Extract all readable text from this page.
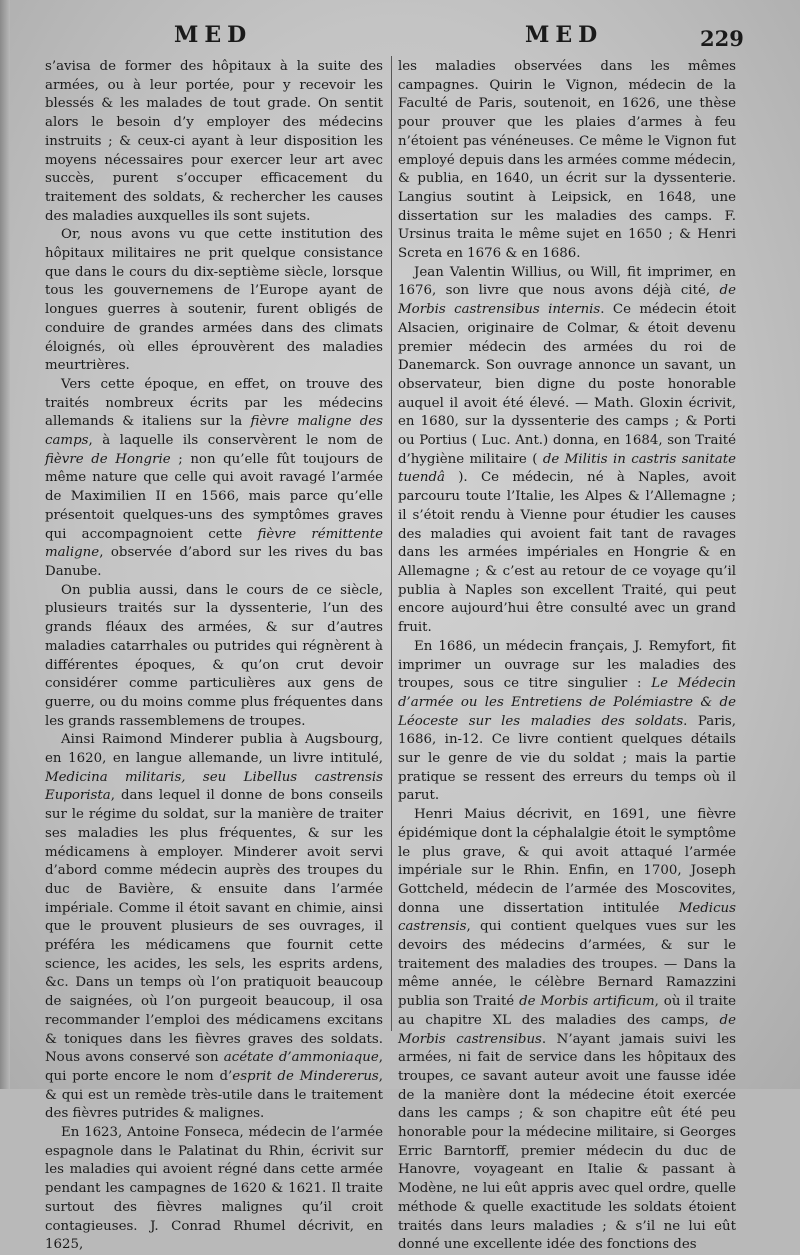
MED	MED	229

s’avisa de former des hôpitaux à la suite des armées, ou à leur portée, pour y recevoir les blessés & les malades de tout grade. On sentit alors le besoin d’y employer des médecins instruits ; & ceux-ci ayant à leur disposition les moyens nécessaires pour exercer leur art avec succès, purent s’occuper efficacement du traitement des soldats, & rechercher les causes des maladies auxquelles ils sont sujets.

Or, nous avons vu que cette institution des hôpitaux militaires ne prit quelque consistance que dans le cours du dix-septième siècle, lorsque tous les gouvernemens de l’Europe ayant de longues guerres à soutenir, furent obligés de conduire de grandes armées dans des climats éloignés, où elles éprouvèrent des maladies meurtrières.

Vers cette époque, en effet, on trouve des traités nombreux écrits par les médecins allemands & italiens sur la fièvre maligne des camps, à laquelle ils conservèrent le nom de fièvre de Hongrie ; non qu’elle fût toujours de même nature que celle qui avoit ravagé l’armée de Maximilien II en 1566, mais parce qu’elle présentoit quelques-uns des symptômes graves qui accompagnoient cette fièvre rémittente maligne, observée d’abord sur les rives du bas Danube.

On publia aussi, dans le cours de ce siècle, plusieurs traités sur la dyssenterie, l’un des grands fléaux des armées, & sur d’autres maladies catarrhales ou putrides qui régnèrent à différentes époques, & qu’on crut devoir considérer comme particulières aux gens de guerre, ou du moins comme plus fréquentes dans les grands rassemblemens de troupes.

Ainsi Raimond Minderer publia à Augsbourg, en 1620, en langue allemande, un livre intitulé, Medicina militaris, seu Libellus castrensis Euporista, dans lequel il donne de bons conseils sur le régime du soldat, sur la manière de traiter ses maladies les plus fréquentes, & sur les médicamens à employer. Minderer avoit servi d’abord comme médecin auprès des troupes du duc de Bavière, & ensuite dans l’armée impériale. Comme il étoit savant en chimie, ainsi que le prouvent plusieurs de ses ouvrages, il préféra les médicamens que fournit cette science, les acides, les sels, les esprits ardens, &c. Dans un temps où l’on pratiquoit beaucoup de saignées, où l’on purgeoit beaucoup, il osa recommander l’emploi des médicamens excitans & toniques dans les fièvres graves des soldats. Nous avons conservé son acétate d’ammoniaque, qui porte encore le nom d’esprit de Mindererus, & qui est un remède très-utile dans le traitement des fièvres putrides & malignes.

En 1623, Antoine Fonseca, médecin de l’armée espagnole dans le Palatinat du Rhin, écrivit sur les maladies qui avoient régné dans cette armée pendant les campagnes de 1620 & 1621. Il traite surtout des fièvres malignes qu’il croit contagieuses. J. Conrad Rhumel décrivit, en 1625,

les maladies observées dans les mêmes campagnes. Quirin le Vignon, médecin de la Faculté de Paris, soutenoit, en 1626, une thèse pour prouver que les plaies d’armes à feu n’étoient pas vénéneuses. Ce même le Vignon fut employé depuis dans les armées comme médecin, & publia, en 1640, un écrit sur la dyssenterie. Langius soutint à Leipsick, en 1648, une dissertation sur les maladies des camps. F. Ursinus traita le même sujet en 1650 ; & Henri Screta en 1676 & en 1686.

Jean Valentin Willius, ou Will, fit imprimer, en 1676, son livre que nous avons déjà cité, de Morbis castrensibus internis. Ce médecin étoit Alsacien, originaire de Colmar, & étoit devenu premier médecin des armées du roi de Danemarck. Son ouvrage annonce un savant, un observateur, bien digne du poste honorable auquel il avoit été élevé. — Math. Gloxin écrivit, en 1680, sur la dyssenterie des camps ; & Porti ou Portius ( Luc. Ant.) donna, en 1684, son Traité d’hygiène militaire ( de Militis in castris sanitate tuendâ ). Ce médecin, né à Naples, avoit parcouru toute l’Italie, les Alpes & l’Allemagne ; il s’étoit rendu à Vienne pour étudier les causes des maladies qui avoient fait tant de ravages dans les armées impériales en Hongrie & en Allemagne ; & c’est au retour de ce voyage qu’il publia à Naples son excellent Traité, qui peut encore aujourd’hui être consulté avec un grand fruit.

En 1686, un médecin français, J. Remyfort, fit imprimer un ouvrage sur les maladies des troupes, sous ce titre singulier : Le Médecin d’armée ou les Entretiens de Polémiastre & de Léoceste sur les maladies des soldats. Paris, 1686, in-12. Ce livre contient quelques détails sur le genre de vie du soldat ; mais la partie pratique se ressent des erreurs du temps où il parut.

Henri Maius décrivit, en 1691, une fièvre épidémique dont la céphalalgie étoit le symptôme le plus grave, & qui avoit attaqué l’armée impériale sur le Rhin. Enfin, en 1700, Joseph Gottcheld, médecin de l’armée des Moscovites, donna une dissertation intitulée Medicus castrensis, qui contient quelques vues sur les devoirs des médecins d’armées, & sur le traitement des maladies des troupes. — Dans la même année, le célèbre Bernard Ramazzini publia son Traité de Morbis artificum, où il traite au chapitre XL des maladies des camps, de Morbis castrensibus. N’ayant jamais suivi les armées, ni fait de service dans les hôpitaux des troupes, ce savant auteur avoit une fausse idée de la manière dont la médecine étoit exercée dans les camps ; & son chapitre eût été peu honorable pour la médecine militaire, si Georges Erric Barntorff, premier médecin du duc de Hanovre, voyageant en Italie & passant à Modène, ne lui eût appris avec quel ordre, quelle méthode & quelle exactitude les soldats étoient traités dans leurs maladies ; & s’il ne lui eût donné une excellente idée des fonctions des
